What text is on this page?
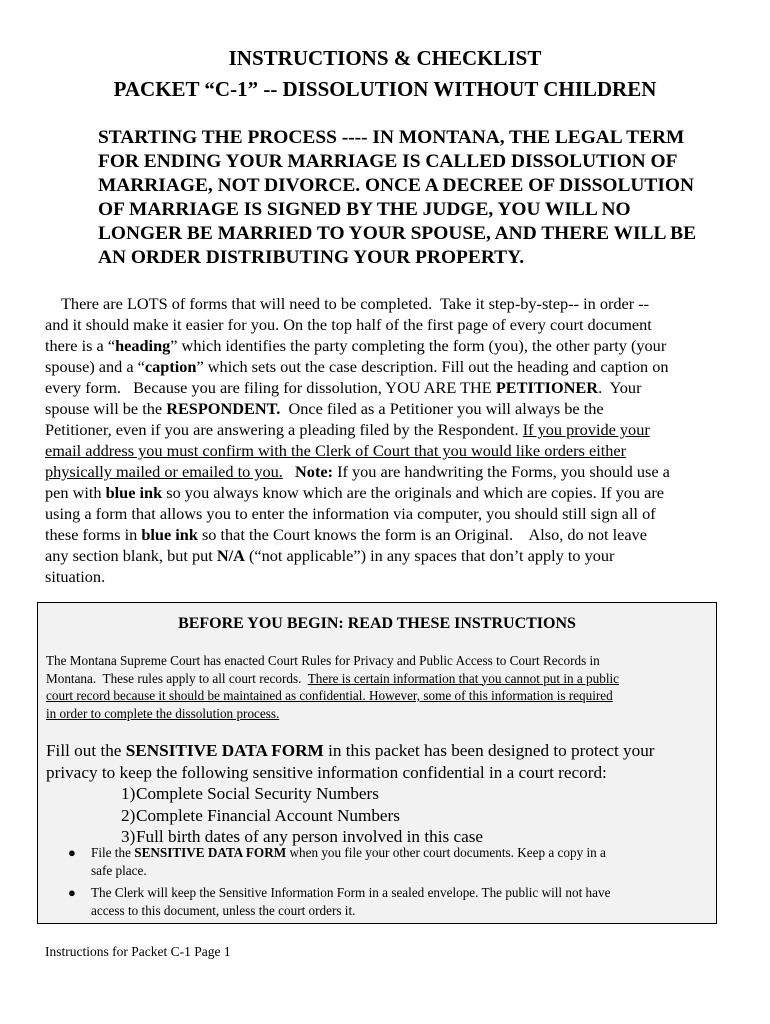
INSTRUCTIONS & CHECKLIST
PACKET “C-1” -- DISSOLUTION WITHOUT CHILDREN
STARTING THE PROCESS ---- IN MONTANA, THE LEGAL TERM
FOR ENDING YOUR MARRIAGE IS CALLED DISSOLUTION OF
MARRIAGE, NOT DIVORCE. ONCE A DECREE OF DISSOLUTION
OF MARRIAGE IS SIGNED BY THE JUDGE, YOU WILL NO
LONGER BE MARRIED TO YOUR SPOUSE, AND THERE WILL BE
AN ORDER DISTRIBUTING YOUR PROPERTY.
There are LOTS of forms that will need to be completed.  Take it step-by-step-- in order --
and it should make it easier for you. On the top half of the first page of every court document
there is a “heading” which identifies the party completing the form (you), the other party (your
spouse) and a “caption” which sets out the case description. Fill out the heading and caption on
every form.   Because you are filing for dissolution, YOU ARE THE PETITIONER.  Your
spouse will be the RESPONDENT.  Once filed as a Petitioner you will always be the
Petitioner, even if you are answering a pleading filed by the Respondent. If you provide your
email address you must confirm with the Clerk of Court that you would like orders either
physically mailed or emailed to you. Note: If you are handwriting the Forms, you should use a
pen with blue ink so you always know which are the originals and which are copies. If you are
using a form that allows you to enter the information via computer, you should still sign all of
these forms in blue ink so that the Court knows the form is an Original.    Also, do not leave
any section blank, but put N/A (“not applicable”) in any spaces that don’t apply to your
situation.
BEFORE YOU BEGIN: READ THESE INSTRUCTIONS
The Montana Supreme Court has enacted Court Rules for Privacy and Public Access to Court Records in
Montana.  These rules apply to all court records.  There is certain information that you cannot put in a public
court record because it should be maintained as confidential. However, some of this information is required
in order to complete the dissolution process.
Fill out the SENSITIVE DATA FORM in this packet has been designed to protect your
privacy to keep the following sensitive information confidential in a court record:
1) Complete Social Security Numbers
2) Complete Financial Account Numbers
3) Full birth dates of any person involved in this case
● File the SENSITIVE DATA FORM when you file your other court documents. Keep a copy in a
safe place.
● The Clerk will keep the Sensitive Information Form in a sealed envelope. The public will not have
access to this document, unless the court orders it.
Instructions for Packet C-1 Page 1
